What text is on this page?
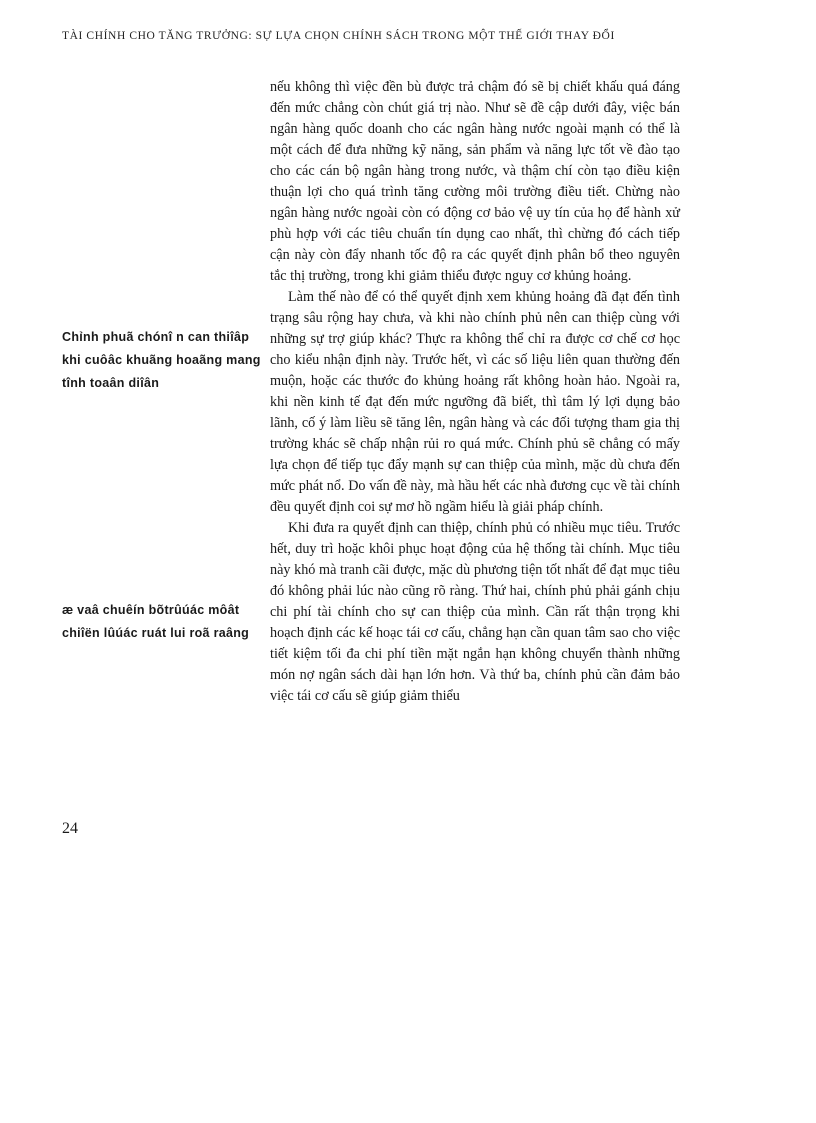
TÀI CHÍNH CHO TĂNG TRƯỞNG: SỰ LỰA CHỌN CHÍNH SÁCH TRONG MỘT THẾ GIỚI THAY ĐỔI
Chỉnh phuã chónî n can thiîâp khi cuôâc khuãng hoaãng mang tînh toaân diîân
æ vaâ chuêín bõtrûúác môât chiîën lûúác ruát lui roã raâng

nếu không thì việc đền bù được trả chậm đó sẽ bị chiết khấu quá đáng đến mức chẳng còn chút giá trị nào. Như sẽ đề cập dưới đây, việc bán ngân hàng quốc doanh cho các ngân hàng nước ngoài mạnh có thể là một cách để đưa những kỹ năng, sản phẩm và năng lực tốt về đào tạo cho các cán bộ ngân hàng trong nước, và thậm chí còn tạo điều kiện thuận lợi cho quá trình tăng cường môi trường điều tiết. Chừng nào ngân hàng nước ngoài còn có động cơ bảo vệ uy tín của họ để hành xử phù hợp với các tiêu chuẩn tín dụng cao nhất, thì chừng đó cách tiếp cận này còn đẩy nhanh tốc độ ra các quyết định phân bổ theo nguyên tắc thị trường, trong khi giảm thiểu được nguy cơ khủng hoảng.

Làm thế nào để có thể quyết định xem khủng hoảng đã đạt đến tình trạng sâu rộng hay chưa, và khi nào chính phủ nên can thiệp cùng với những sự trợ giúp khác? Thực ra không thể chỉ ra được cơ chế cơ học cho kiểu nhận định này. Trước hết, vì các số liệu liên quan thường đến muộn, hoặc các thước đo khủng hoảng rất không hoàn hảo. Ngoài ra, khi nền kinh tế đạt đến mức ngưỡng đã biết, thì tâm lý lợi dụng bảo lãnh, cố ý làm liều sẽ tăng lên, ngân hàng và các đối tượng tham gia thị trường khác sẽ chấp nhận rủi ro quá mức. Chính phủ sẽ chẳng có mấy lựa chọn để tiếp tục đẩy mạnh sự can thiệp của mình, mặc dù chưa đến mức phát nổ. Do vấn đề này, mà hầu hết các nhà đương cục về tài chính đều quyết định coi sự mơ hồ ngầm hiểu là giải pháp chính.

Khi đưa ra quyết định can thiệp, chính phủ có nhiều mục tiêu. Trước hết, duy trì hoặc khôi phục hoạt động của hệ thống tài chính. Mục tiêu này khó mà tranh cãi được, mặc dù phương tiện tốt nhất để đạt mục tiêu đó không phải lúc nào cũng rõ ràng. Thứ hai, chính phủ phải gánh chịu chi phí tài chính cho sự can thiệp của mình. Cần rất thận trọng khi hoạch định các kế hoạc tái cơ cấu, chẳng hạn cần quan tâm sao cho việc tiết kiệm tối đa chi phí tiền mặt ngắn hạn không chuyển thành những món nợ ngân sách dài hạn lớn hơn. Và thứ ba, chính phủ cần đảm bảo việc tái cơ cấu sẽ giúp giảm thiểu

24
